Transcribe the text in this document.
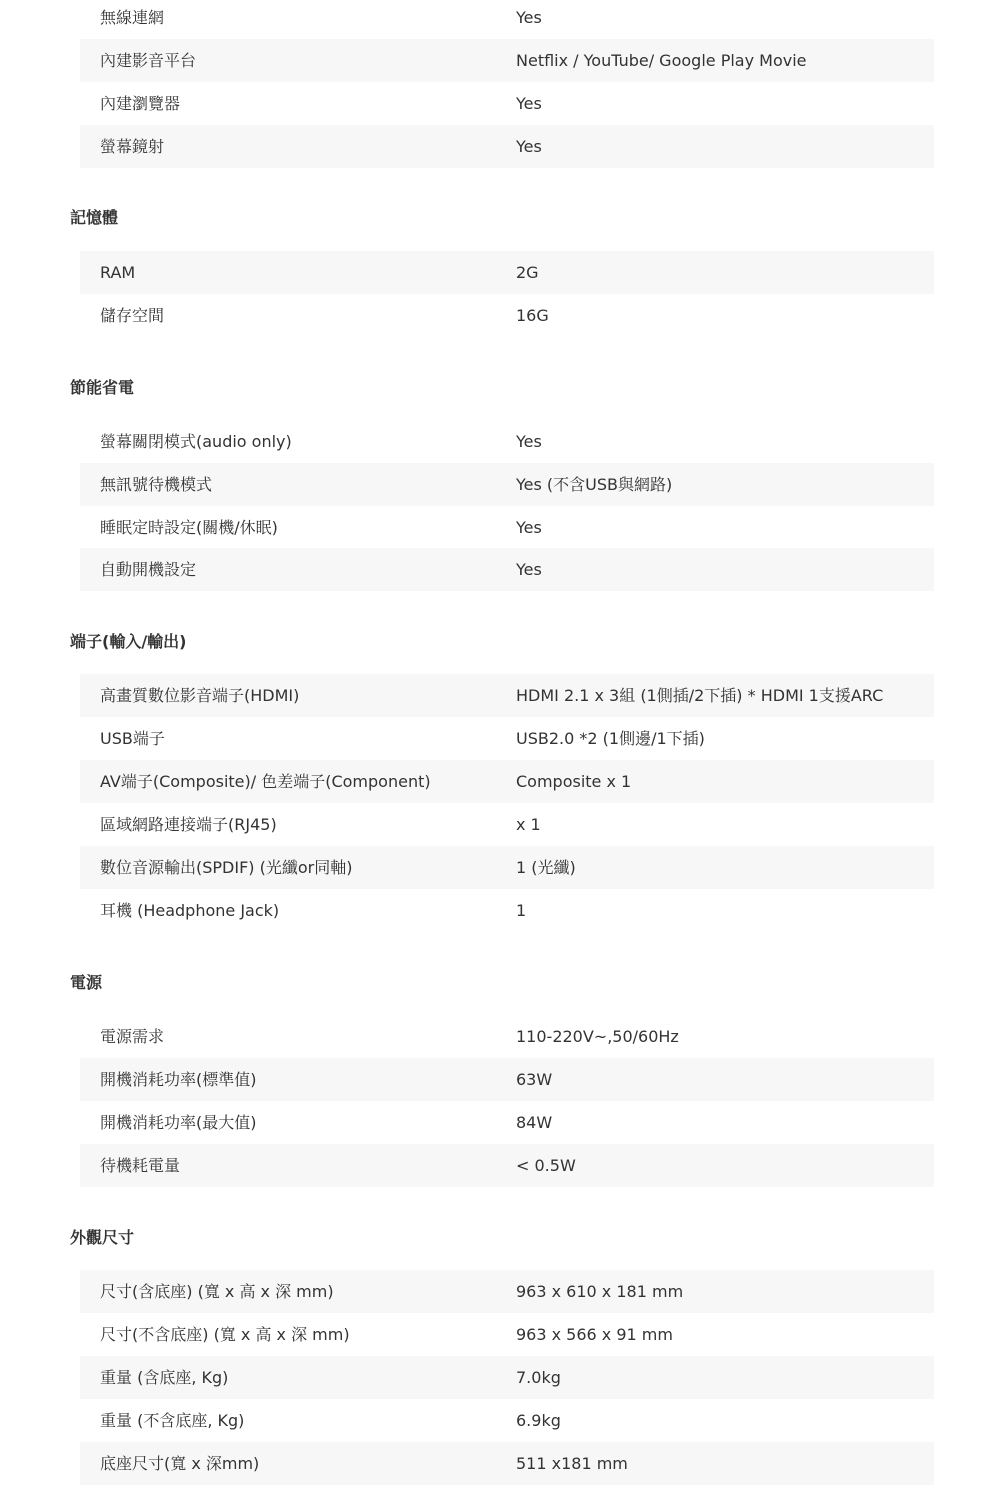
無線連網	Yes
內建影音平台	Netflix / YouTube/ Google Play Movie
內建瀏覽器	Yes
螢幕鏡射	Yes
記憶體
RAM	2G
儲存空間	16G
節能省電
螢幕關閉模式(audio only)	Yes
無訊號待機模式	Yes (不含USB與網路)
睡眠定時設定(關機/休眠)	Yes
自動開機設定	Yes
端子(輸入/輸出)
高畫質數位影音端子(HDMI)	HDMI 2.1 x 3組 (1側插/2下插) * HDMI 1支援ARC
USB端子	USB2.0 *2 (1側邊/1下插)
AV端子(Composite)/ 色差端子(Component)	Composite x 1
區域網路連接端子(RJ45)	x 1
數位音源輸出(SPDIF) (光纖or同軸)	1 (光纖)
耳機 (Headphone Jack)	1
電源
電源需求	110-220V~,50/60Hz
開機消耗功率(標準值)	63W
開機消耗功率(最大值)	84W
待機耗電量	< 0.5W
外觀尺寸
尺寸(含底座) (寬 x 高 x 深 mm)	963 x 610 x 181 mm
尺寸(不含底座) (寬 x 高 x 深 mm)	963 x 566 x 91 mm
重量 (含底座, Kg)	7.0kg
重量 (不含底座, Kg)	6.9kg
底座尺寸(寬 x 深mm)	511 x181 mm
